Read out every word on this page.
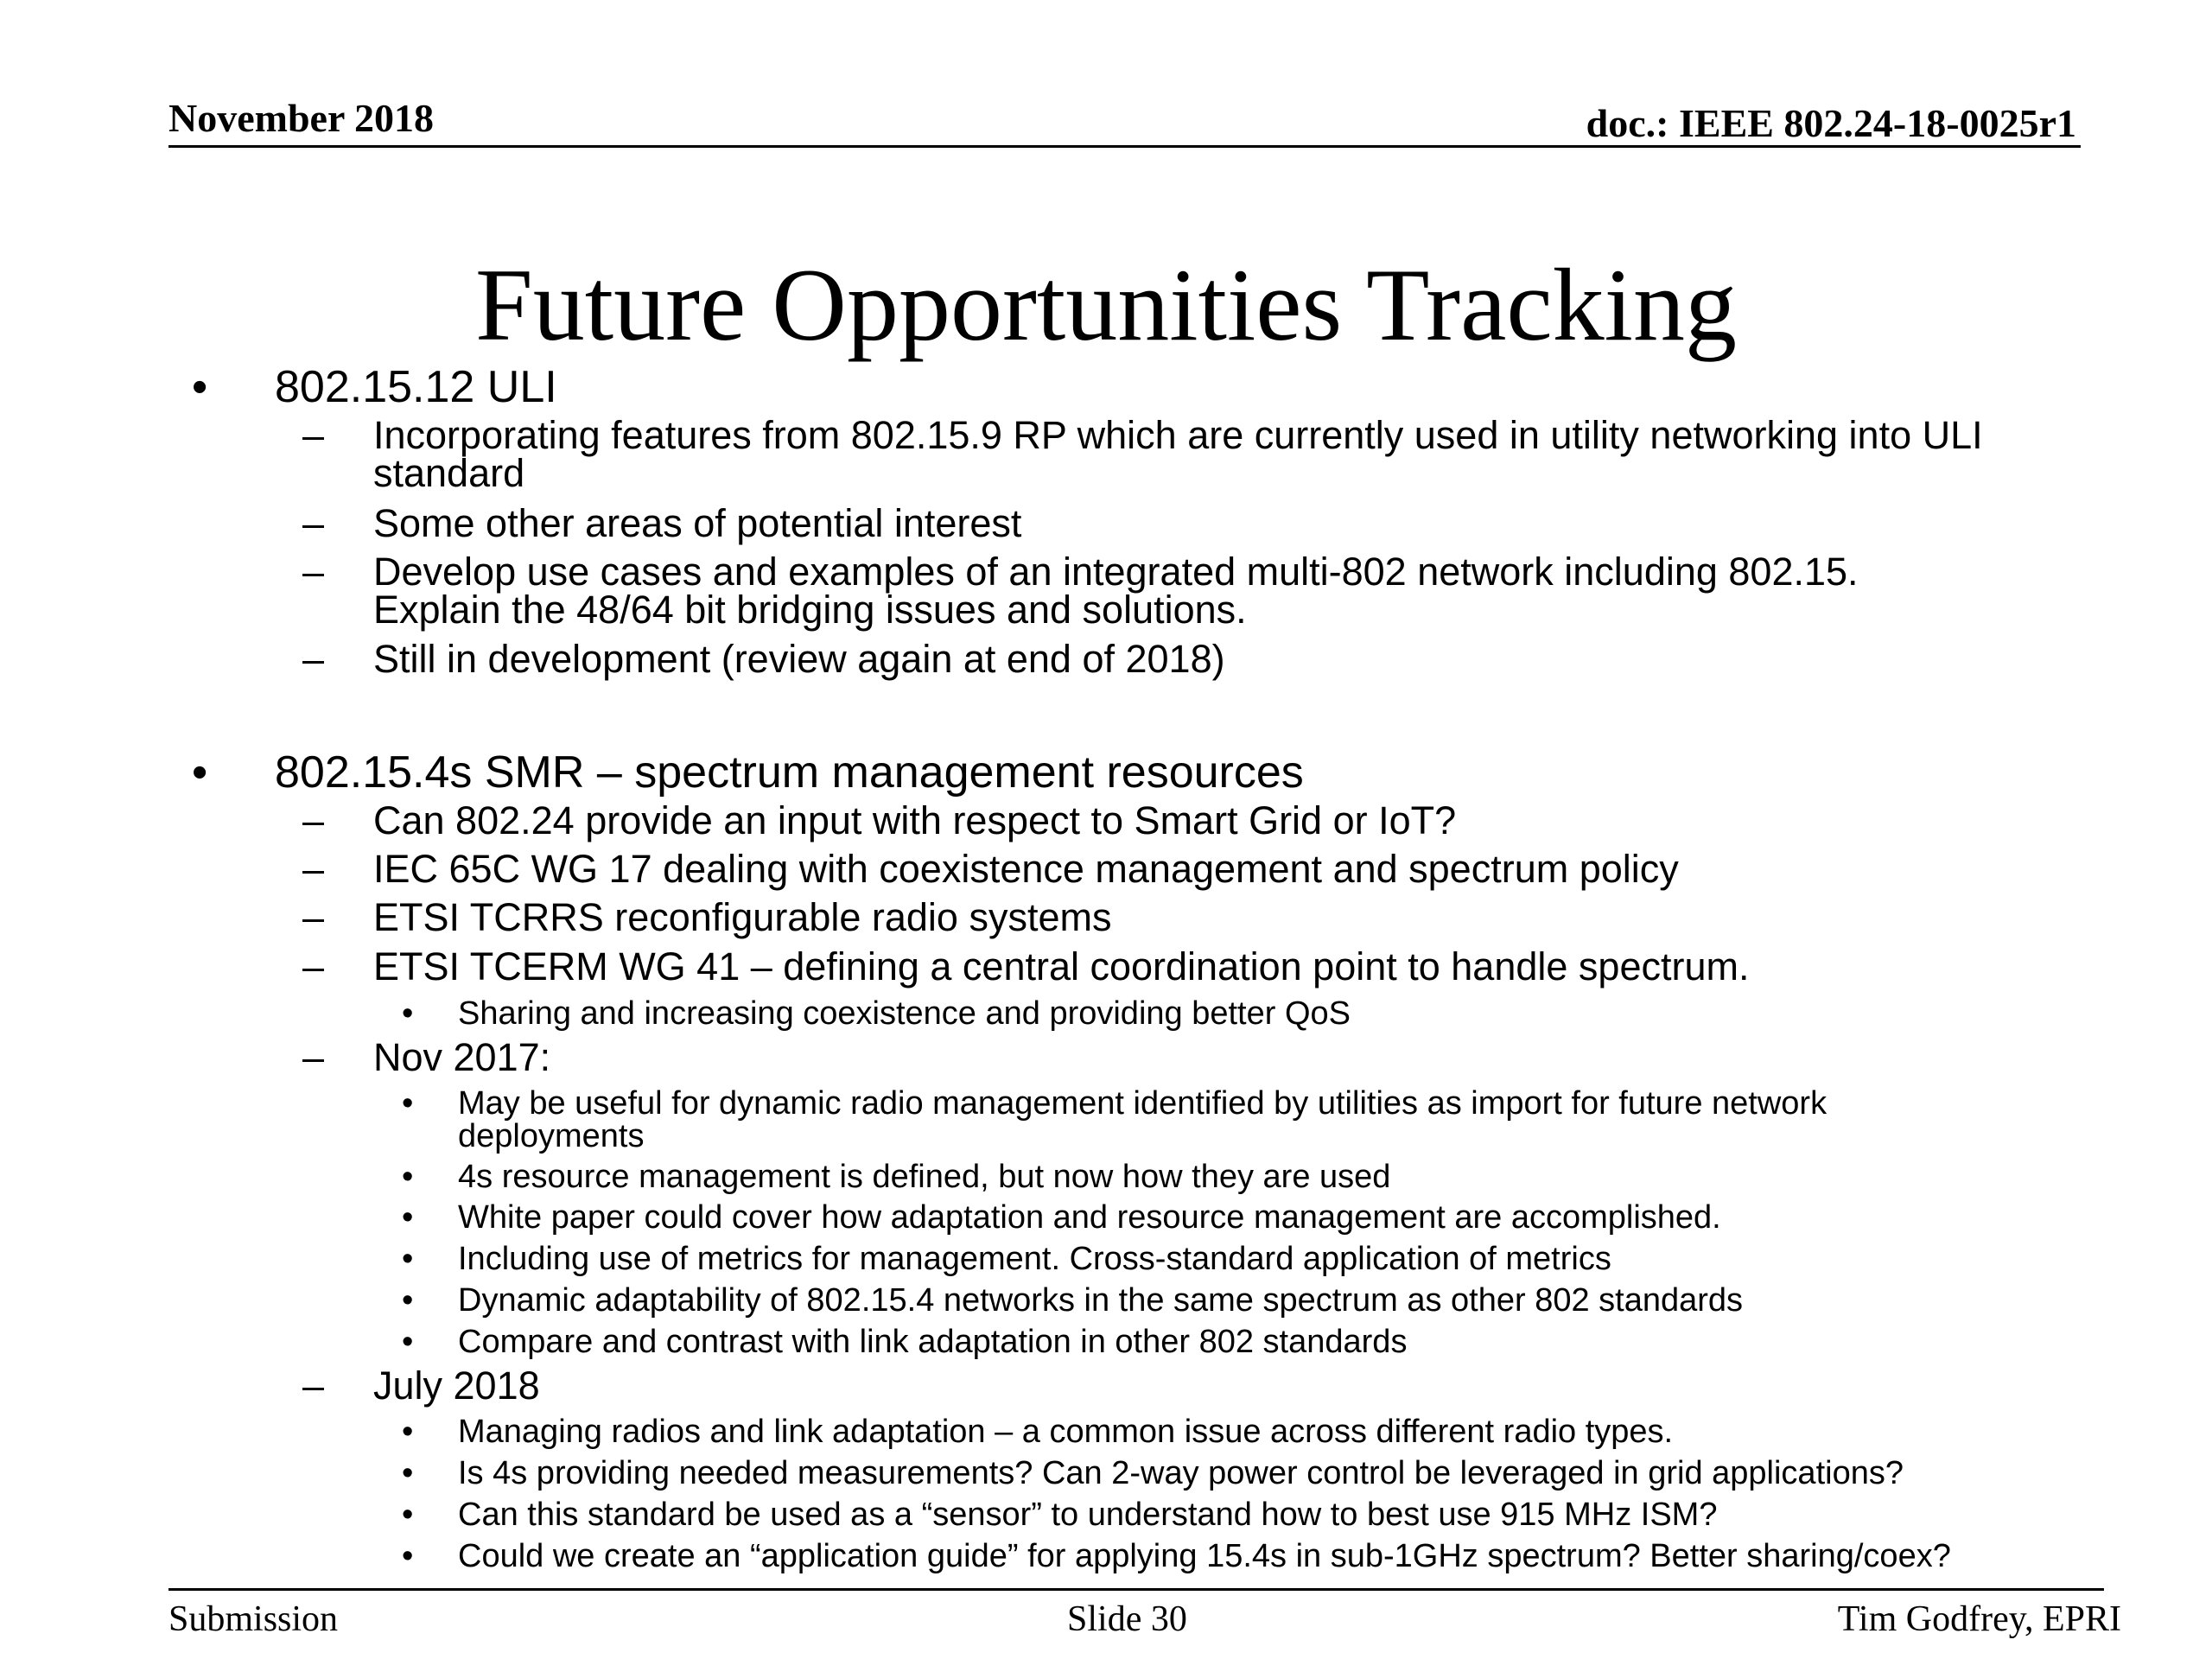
November 2018	doc.: IEEE 802.24-18-0025r1
Future Opportunities Tracking
• 802.15.12 ULI
– Incorporating features from 802.15.9 RP which are currently used in utility networking into ULI standard
– Some other areas of potential interest
– Develop use cases and examples of an integrated multi-802 network including 802.15. Explain the 48/64 bit bridging issues and solutions.
– Still in development (review again at end of 2018)
• 802.15.4s SMR – spectrum management resources
– Can 802.24 provide an input with respect to Smart Grid or IoT?
– IEC 65C WG 17 dealing with coexistence management and spectrum policy
– ETSI TCRRS reconfigurable radio systems
– ETSI TCERM WG 41 – defining a central coordination point to handle spectrum.
• Sharing and increasing coexistence and providing better QoS
– Nov 2017:
• May be useful for dynamic radio management identified by utilities as import for future network deployments
• 4s resource management is defined, but now how they are used
• White paper could cover how adaptation and resource management are accomplished.
• Including use of metrics for management. Cross-standard application of metrics
• Dynamic adaptability of 802.15.4 networks in the same spectrum as other 802 standards
• Compare and contrast with link adaptation in other 802 standards
– July 2018
• Managing radios and link adaptation – a common issue across different radio types.
• Is 4s providing needed measurements? Can 2-way power control be leveraged in grid applications?
• Can this standard be used as a “sensor” to understand how to best use 915 MHz ISM?
• Could we create an “application guide” for applying 15.4s in sub-1GHz spectrum? Better sharing/coex?
Submission	Slide 30	Tim Godfrey, EPRI
